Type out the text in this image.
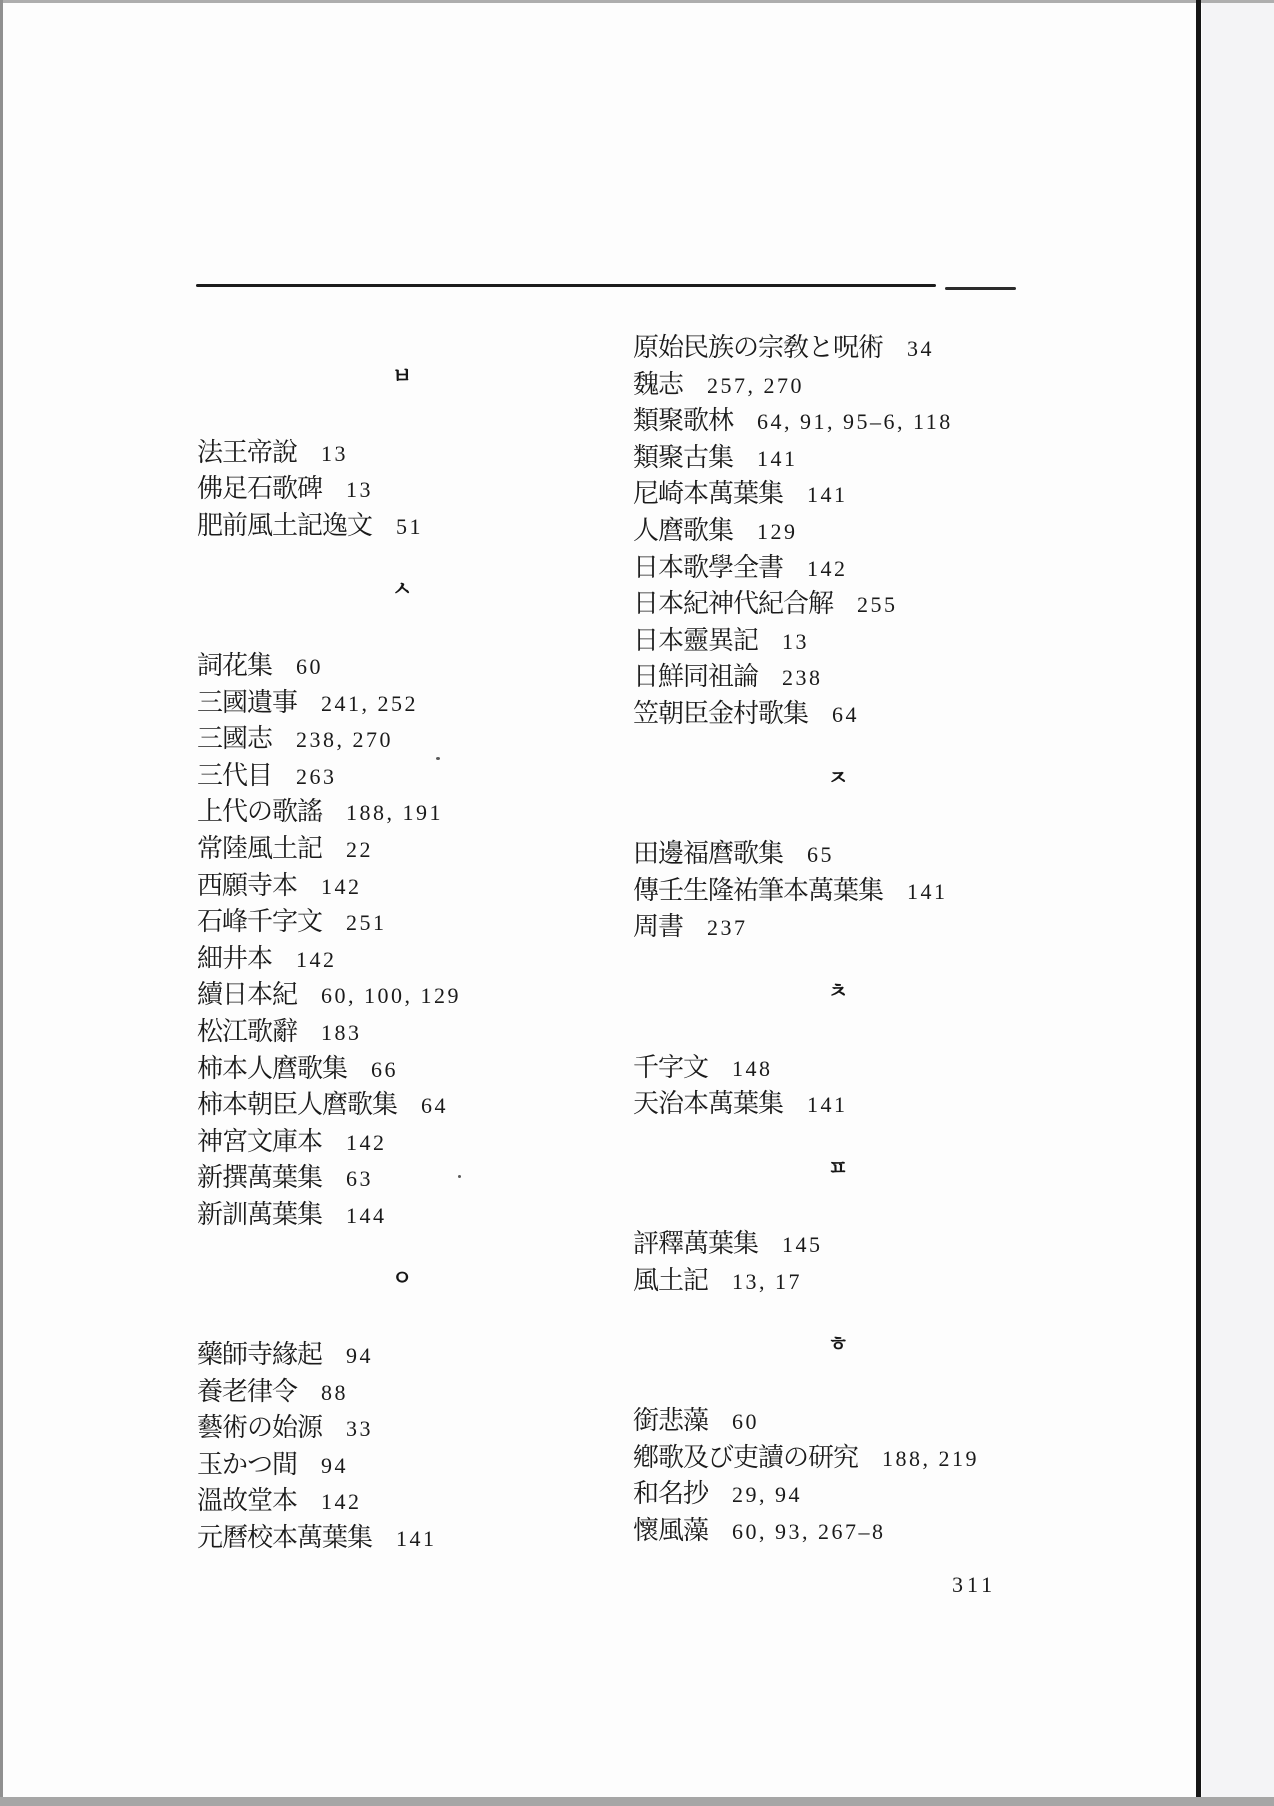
ㅂ
法王帝說 13
佛足石歌碑 13
肥前風土記逸文 51
ㅅ
詞花集 60
三國遺事 241, 252
三國志 238, 270
三代目 263
上代の歌謠 188, 191
常陸風土記 22
西願寺本 142
石峰千字文 251
細井本 142
續日本紀 60, 100, 129
松江歌辭 183
柿本人麿歌集 66
柿本朝臣人麿歌集 64
神宮文庫本 142
新撰萬葉集 63
新訓萬葉集 144
ㅇ
藥師寺緣起 94
養老律令 88
藝術の始源 33
玉かつ間 94
溫故堂本 142
元曆校本萬葉集 141
原始民族の宗敎と呪術 34
魏志 257, 270
類聚歌林 64, 91, 95–6, 118
類聚古集 141
尼崎本萬葉集 141
人麿歌集 129
日本歌學全書 142
日本紀神代紀合解 255
日本靈異記 13
日鮮同祖論 238
笠朝臣金村歌集 64
ㅈ
田邊福麿歌集 65
傳壬生隆祐筆本萬葉集 141
周書 237
ㅊ
千字文 148
天治本萬葉集 141
ㅍ
評釋萬葉集 145
風土記 13, 17
ㅎ
銜悲藻 60
鄕歌及び吏讀の研究 188, 219
和名抄 29, 94
懷風藻 60, 93, 267–8
311
